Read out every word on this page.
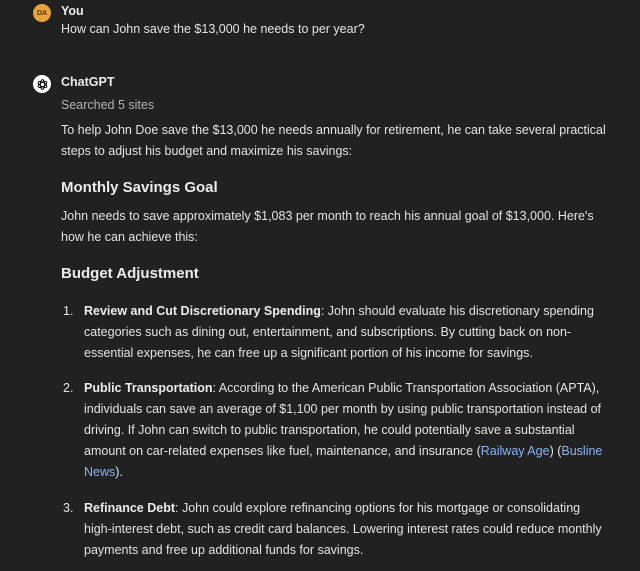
DA You
How can John save the $13,000 he needs to per year?
ChatGPT
Searched 5 sites
To help John Doe save the $13,000 he needs annually for retirement, he can take several practical steps to adjust his budget and maximize his savings:
Monthly Savings Goal
John needs to save approximately $1,083 per month to reach his annual goal of $13,000. Here's how he can achieve this:
Budget Adjustment
1. Review and Cut Discretionary Spending: John should evaluate his discretionary spending categories such as dining out, entertainment, and subscriptions. By cutting back on non-essential expenses, he can free up a significant portion of his income for savings.
2. Public Transportation: According to the American Public Transportation Association (APTA), individuals can save an average of $1,100 per month by using public transportation instead of driving. If John can switch to public transportation, he could potentially save a substantial amount on car-related expenses like fuel, maintenance, and insurance (Railway Age) (Busline News).
3. Refinance Debt: John could explore refinancing options for his mortgage or consolidating high-interest debt, such as credit card balances. Lowering interest rates could reduce monthly payments and free up additional funds for savings.
